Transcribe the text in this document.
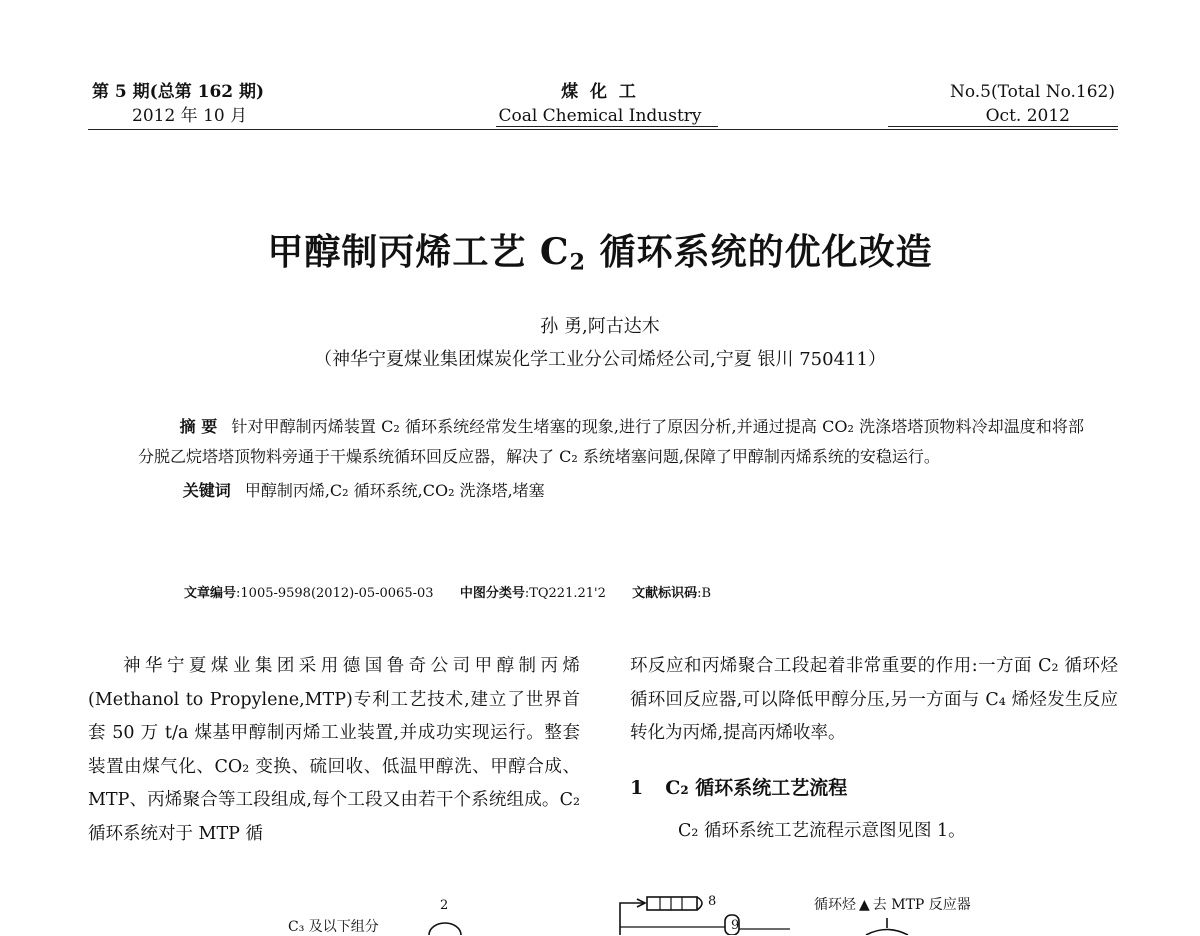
第 5 期(总第 162 期)
2012 年 10 月
煤 化 工
Coal Chemical Industry
No.5(Total No.162)
Oct. 2012
甲醇制丙烯工艺 $C_2$ 循环系统的优化改造
孙 勇,阿古达木
（神华宁夏煤业集团煤炭化学工业分公司烯烃公司,宁夏 银川 750411）

摘 要 针对甲醇制丙烯装置 C₂ 循环系统经常发生堵塞的现象,进行了原因分析,并通过提高 CO₂ 洗涤塔塔顶物料冷却温度和将部分脱乙烷塔塔顶物料旁通于干燥系统循环回反应器，解决了 C₂ 系统堵塞问题,保障了甲醇制丙烯系统的安稳运行。

关键词 甲醇制丙烯,C₂ 循环系统,CO₂ 洗涤塔,堵塞

文章编号:1005-9598(2012)-05-0065-03 中图分类号:TQ221.21'2 文献标识码:B

神华宁夏煤业集团采用德国鲁奇公司甲醇制丙烯(Methanol to Propylene,MTP)专利工艺技术,建立了世界首套 50 万 t/a 煤基甲醇制丙烯工业装置,并成功实现运行。整套装置由煤气化、CO₂ 变换、硫回收、低温甲醇洗、甲醇合成、MTP、丙烯聚合等工段组成,每个工段又由若干个系统组成。C₂ 循环系统对于 MTP 循

环反应和丙烯聚合工段起着非常重要的作用:一方面 C₂ 循环烃循环回反应器,可以降低甲醇分压,另一方面与 C₄ 烯烃发生反应转化为丙烯,提高丙烯收率。

1 C₂ 循环系统工艺流程
C₂ 循环系统工艺流程示意图见图 1。
2
C₃ 及以下组分
8
9
循环烃 ▲ 去 MTP 反应器
